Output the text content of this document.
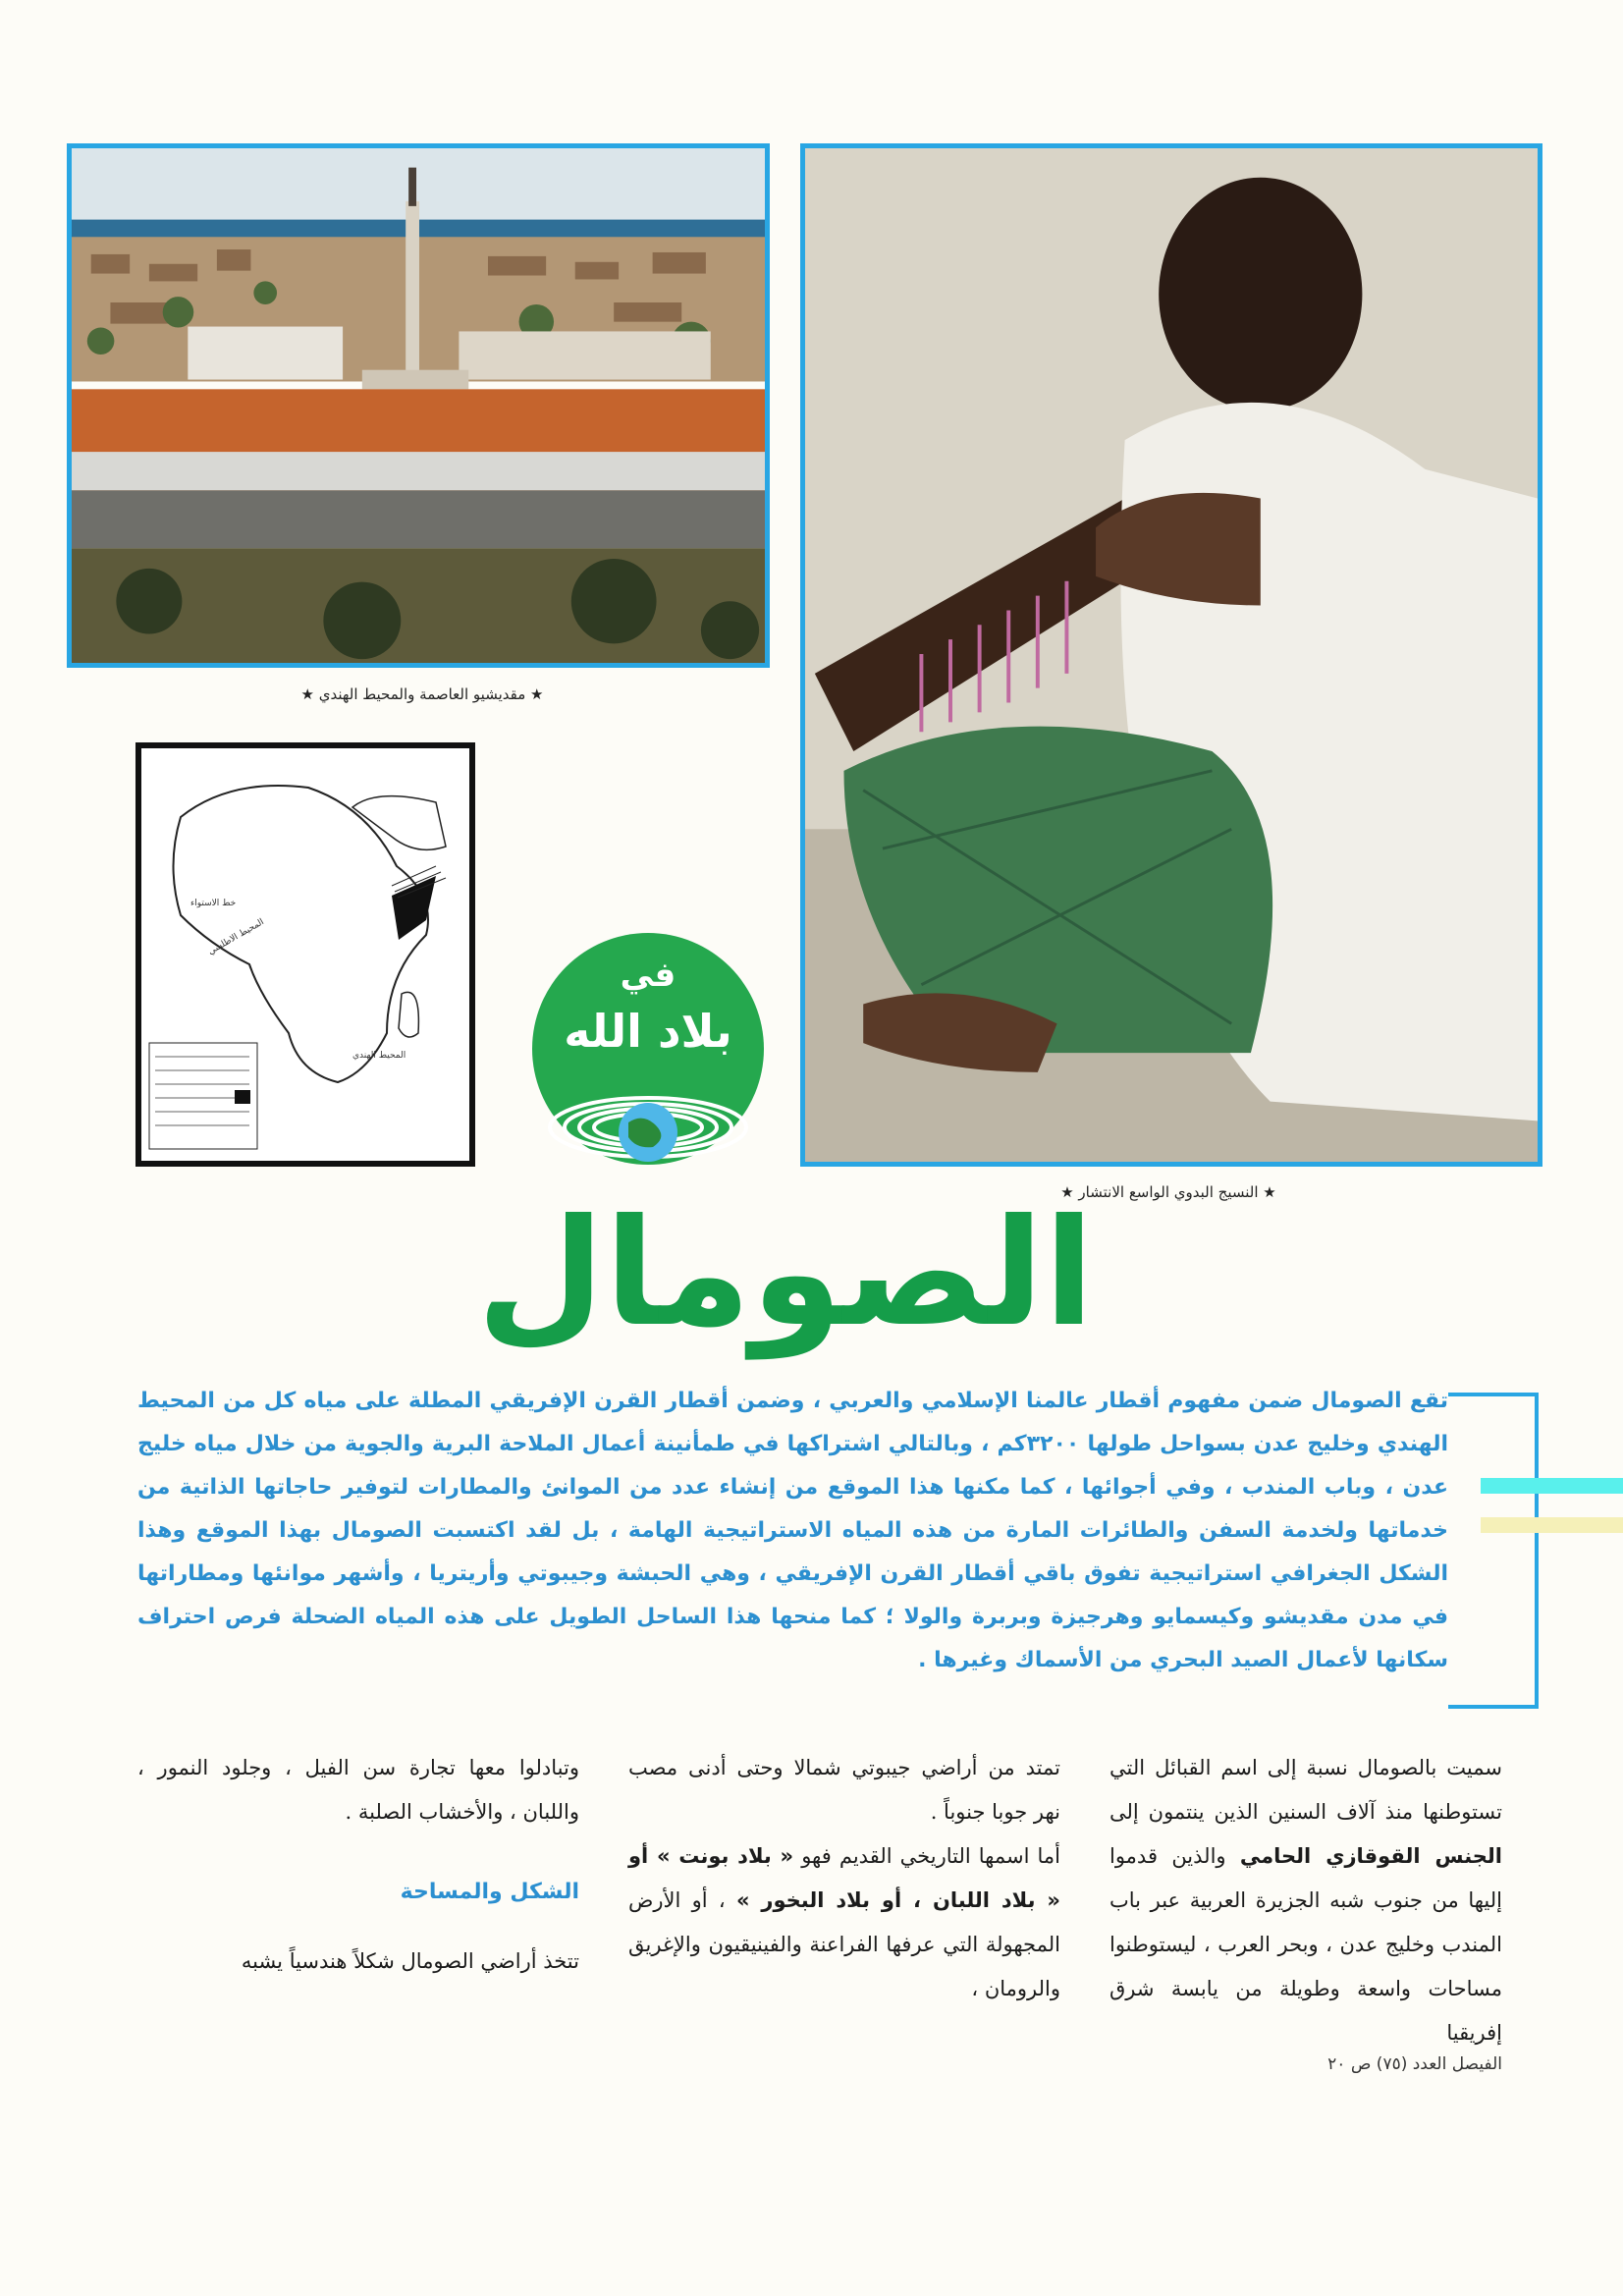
★ مقديشيو العاصمة والمحيط الهندي ★
★ النسيج البدوي الواسع الانتشار ★
خط الاستواء
المحيط الاطلسي
المحيط الهندي
في
بلاد الله
الصومال
تقع الصومال ضمن مفهوم أقطار عالمنا الإسلامي والعربي ، وضمن أقطار القرن الإفريقي المطلة على مياه كل من المحيط الهندي وخليج عدن بسواحل طولها ٣٢٠٠كم ، وبالتالي اشتراكها في طمأنينة أعمال الملاحة البرية والجوية من خلال مياه خليج عدن ، وباب المندب ، وفي أجوائها ، كما مكنها هذا الموقع من إنشاء عدد من الموانئ والمطارات لتوفير حاجاتها الذاتية من خدماتها ولخدمة السفن والطائرات المارة من هذه المياه الاستراتيجية الهامة ، بل لقد اكتسبت الصومال بهذا الموقع وهذا الشكل الجغرافي استراتيجية تفوق باقي أقطار القرن الإفريقي ، وهي الحبشة وجيبوتي وأريتريا ، وأشهر موانئها ومطاراتها في مدن مقديشو وكيسمايو وهرجيزة وبربرة والولا ؛ كما منحها هذا الساحل الطويل على هذه المياه الضحلة فرص احتراف سكانها لأعمال الصيد البحري من الأسماك وغيرها .

سميت بالصومال نسبة إلى اسم القبائل التي تستوطنها منذ آلاف السنين الذين ينتمون إلى الجنس القوقازي الحامي والذين قدموا إليها من جنوب شبه الجزيرة العربية عبر باب المندب وخليج عدن ، وبحر العرب ، ليستوطنوا مساحات واسعة وطويلة من يابسة شرق إفريقيا

تمتد من أراضي جيبوتي شمالا وحتى أدنى مصب نهر جوبا جنوباً .

أما اسمها التاريخي القديم فهو « بلاد بونت » أو « بلاد اللبان ، أو بلاد البخور » ، أو الأرض المجهولة التي عرفها الفراعنة والفينيقيون والإغريق والرومان ،

وتبادلوا معها تجارة سن الفيل ، وجلود النمور ، واللبان ، والأخشاب الصلبة .

الشكل والمساحة

تتخذ أراضي الصومال شكلاً هندسياً يشبه

الفيصل العدد (٧٥) ص ٢٠
